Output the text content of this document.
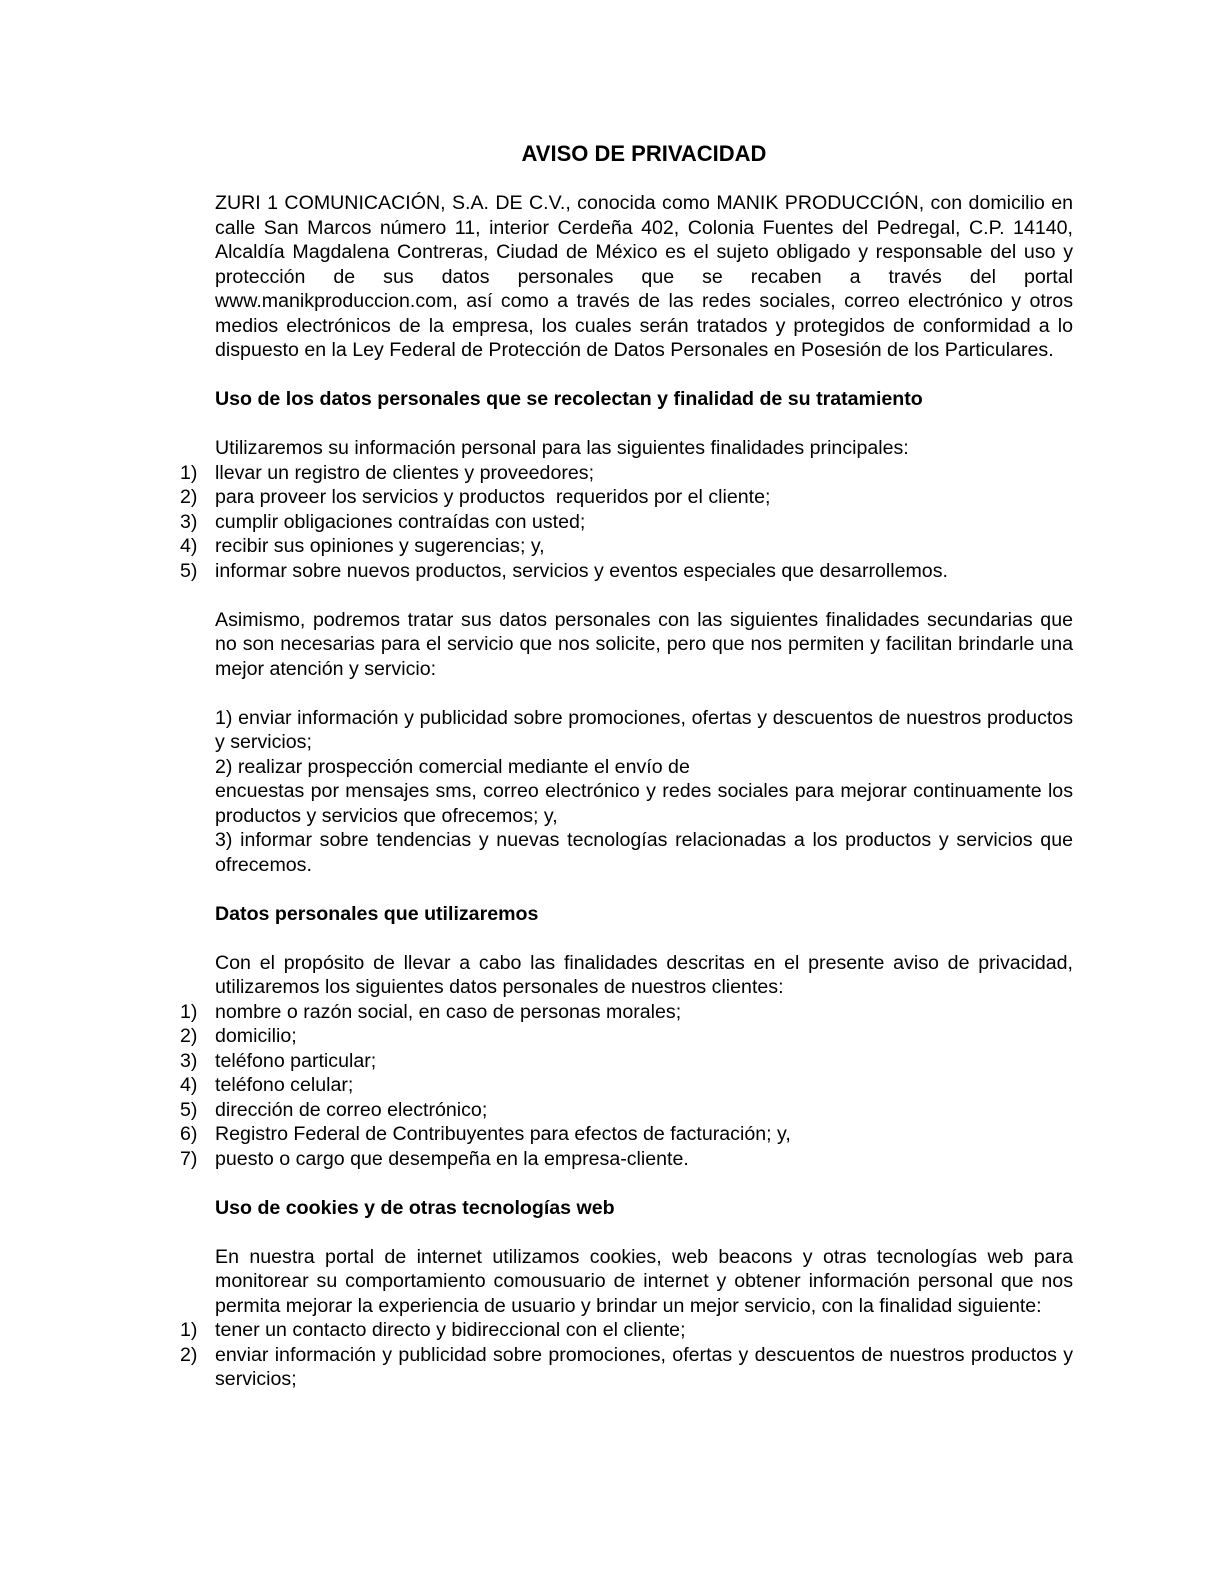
AVISO DE PRIVACIDAD

ZURI 1 COMUNICACIÓN, S.A. DE C.V., conocida como MANIK PRODUCCIÓN, con domicilio en calle San Marcos número 11, interior Cerdeña 402, Colonia Fuentes del Pedregal, C.P. 14140, Alcaldía Magdalena Contreras, Ciudad de México es el sujeto obligado y responsable del uso y protección de sus datos personales que se recaben a través del portal www.manikproduccion.com, así como a través de las redes sociales, correo electrónico y otros medios electrónicos de la empresa, los cuales serán tratados y protegidos de conformidad a lo dispuesto en la Ley Federal de Protección de Datos Personales en Posesión de los Particulares.

Uso de los datos personales que se recolectan y finalidad de su tratamiento

Utilizaremos su información personal para las siguientes finalidades principales:

1) llevar un registro de clientes y proveedores;
2) para proveer los servicios y productos  requeridos por el cliente;
3) cumplir obligaciones contraídas con usted;
4) recibir sus opiniones y sugerencias; y,
5) informar sobre nuevos productos, servicios y eventos especiales que desarrollemos.

Asimismo, podremos tratar sus datos personales con las siguientes finalidades secundarias que no son necesarias para el servicio que nos solicite, pero que nos permiten y facilitan brindarle una mejor atención y servicio:

1) enviar información y publicidad sobre promociones, ofertas y descuentos de nuestros productos y servicios;

2) realizar prospección comercial mediante el envío de

encuestas por mensajes sms, correo electrónico y redes sociales para mejorar continuamente los productos y servicios que ofrecemos; y,

3) informar sobre tendencias y nuevas tecnologías relacionadas a los productos y servicios que ofrecemos.

Datos personales que utilizaremos

Con el propósito de llevar a cabo las finalidades descritas en el presente aviso de privacidad, utilizaremos los siguientes datos personales de nuestros clientes:

1) nombre o razón social, en caso de personas morales;
2) domicilio;
3) teléfono particular;
4) teléfono celular;
5) dirección de correo electrónico;
6) Registro Federal de Contribuyentes para efectos de facturación; y,
7) puesto o cargo que desempeña en la empresa-cliente.
Uso de cookies y de otras tecnologías web

En nuestra portal de internet utilizamos cookies, web beacons y otras tecnologías web para monitorear su comportamiento comousuario de internet y obtener información personal que nos permita mejorar la experiencia de usuario y brindar un mejor servicio, con la finalidad siguiente:

1) tener un contacto directo y bidireccional con el cliente;
2) enviar información y publicidad sobre promociones, ofertas y descuentos de nuestros productos y servicios;
